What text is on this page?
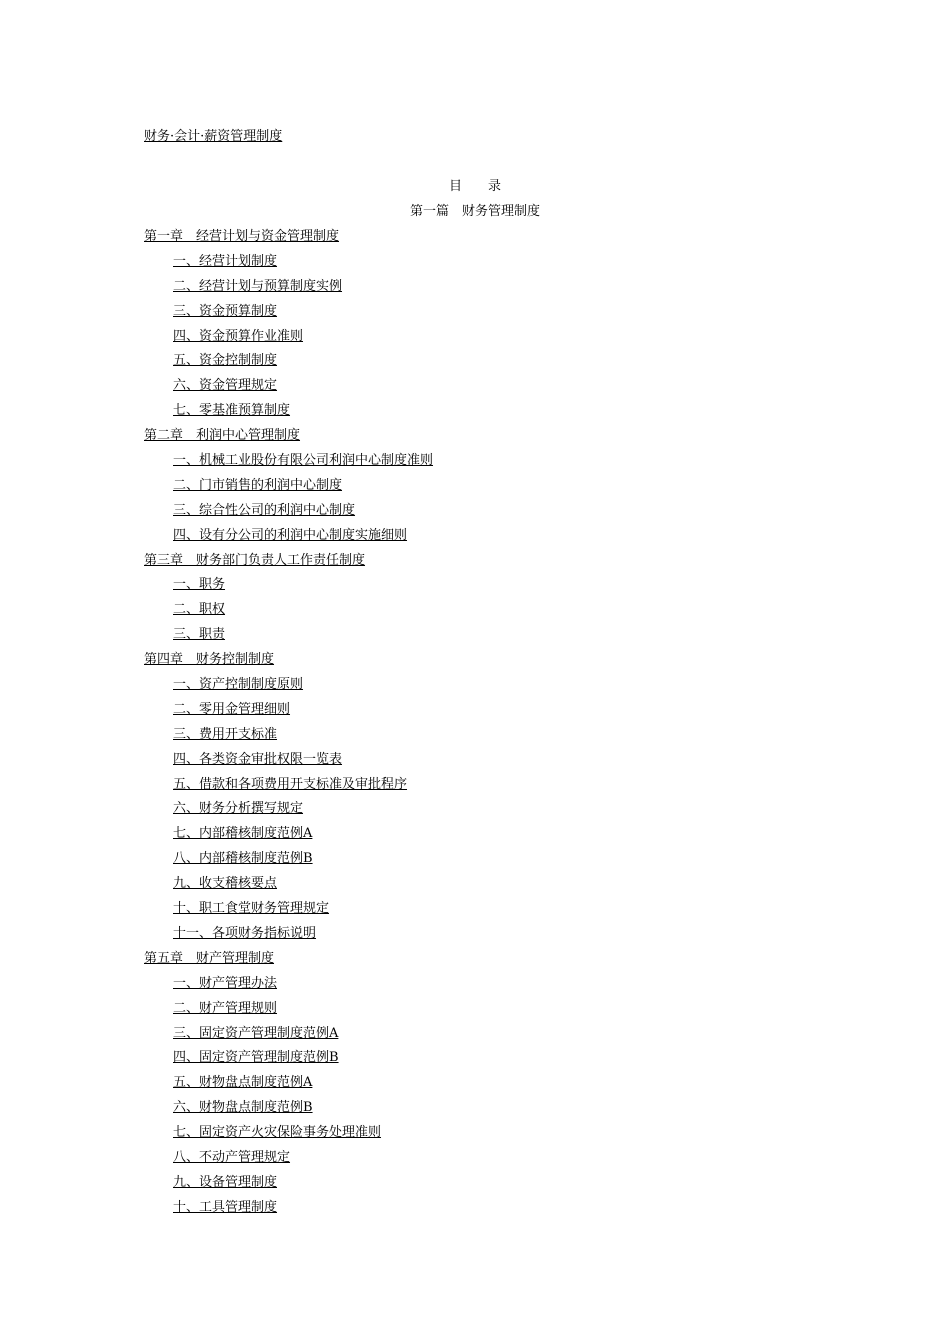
财务·会计·薪资管理制度
目　　录
第一篇　财务管理制度
第一章　经营计划与资金管理制度
一、经营计划制度
二、经营计划与预算制度实例
三、资金预算制度
四、资金预算作业准则
五、资金控制制度
六、资金管理规定
七、零基准预算制度
第二章　利润中心管理制度
一、机械工业股份有限公司利润中心制度准则
二、门市销售的利润中心制度
三、综合性公司的利润中心制度
四、设有分公司的利润中心制度实施细则
第三章　财务部门负责人工作责任制度
一、职务
二、职权
三、职责
第四章　财务控制制度
一、资产控制制度原则
二、零用金管理细则
三、费用开支标准
四、各类资金审批权限一览表
五、借款和各项费用开支标准及审批程序
六、财务分析撰写规定
七、内部稽核制度范例A
八、内部稽核制度范例B
九、收支稽核要点
十、职工食堂财务管理规定
十一、各项财务指标说明
第五章　财产管理制度
一、财产管理办法
二、财产管理规则
三、固定资产管理制度范例A
四、固定资产管理制度范例B
五、财物盘点制度范例A
六、财物盘点制度范例B
七、固定资产火灾保险事务处理准则
八、不动产管理规定
九、设备管理制度
十、工具管理制度
